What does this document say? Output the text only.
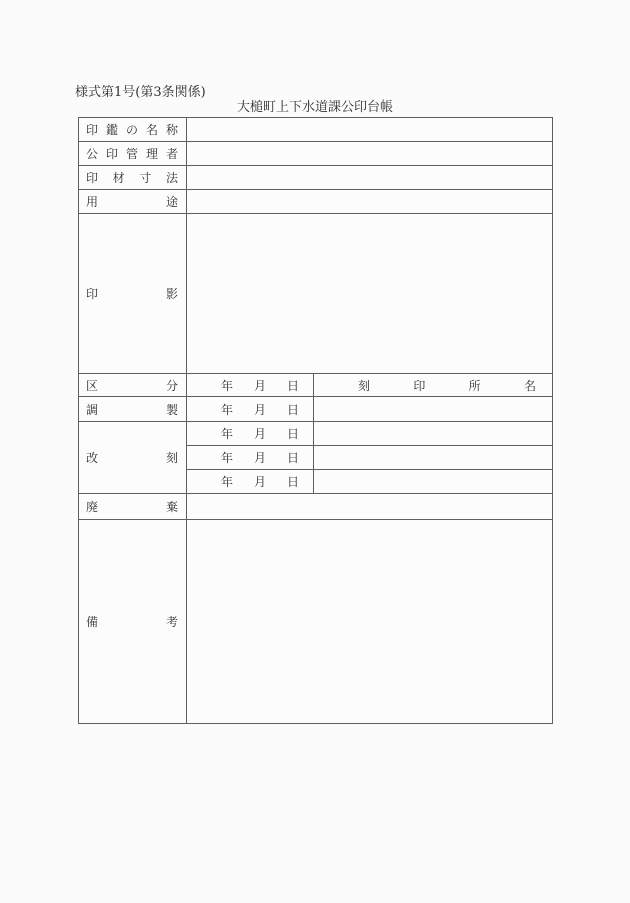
様式第1号(第3条関係)
大槌町上下水道課公印台帳
印 鑑 の 名 称		

公 印 管 理 者		

印 材 寸 法		

用 途		

印 影		

区 分	年 月 日	刻 印 所 名

調 製	年 月 日	

改 刻	年 月 日	

	年 月 日	

	年 月 日	

廃 棄		

備 考		
